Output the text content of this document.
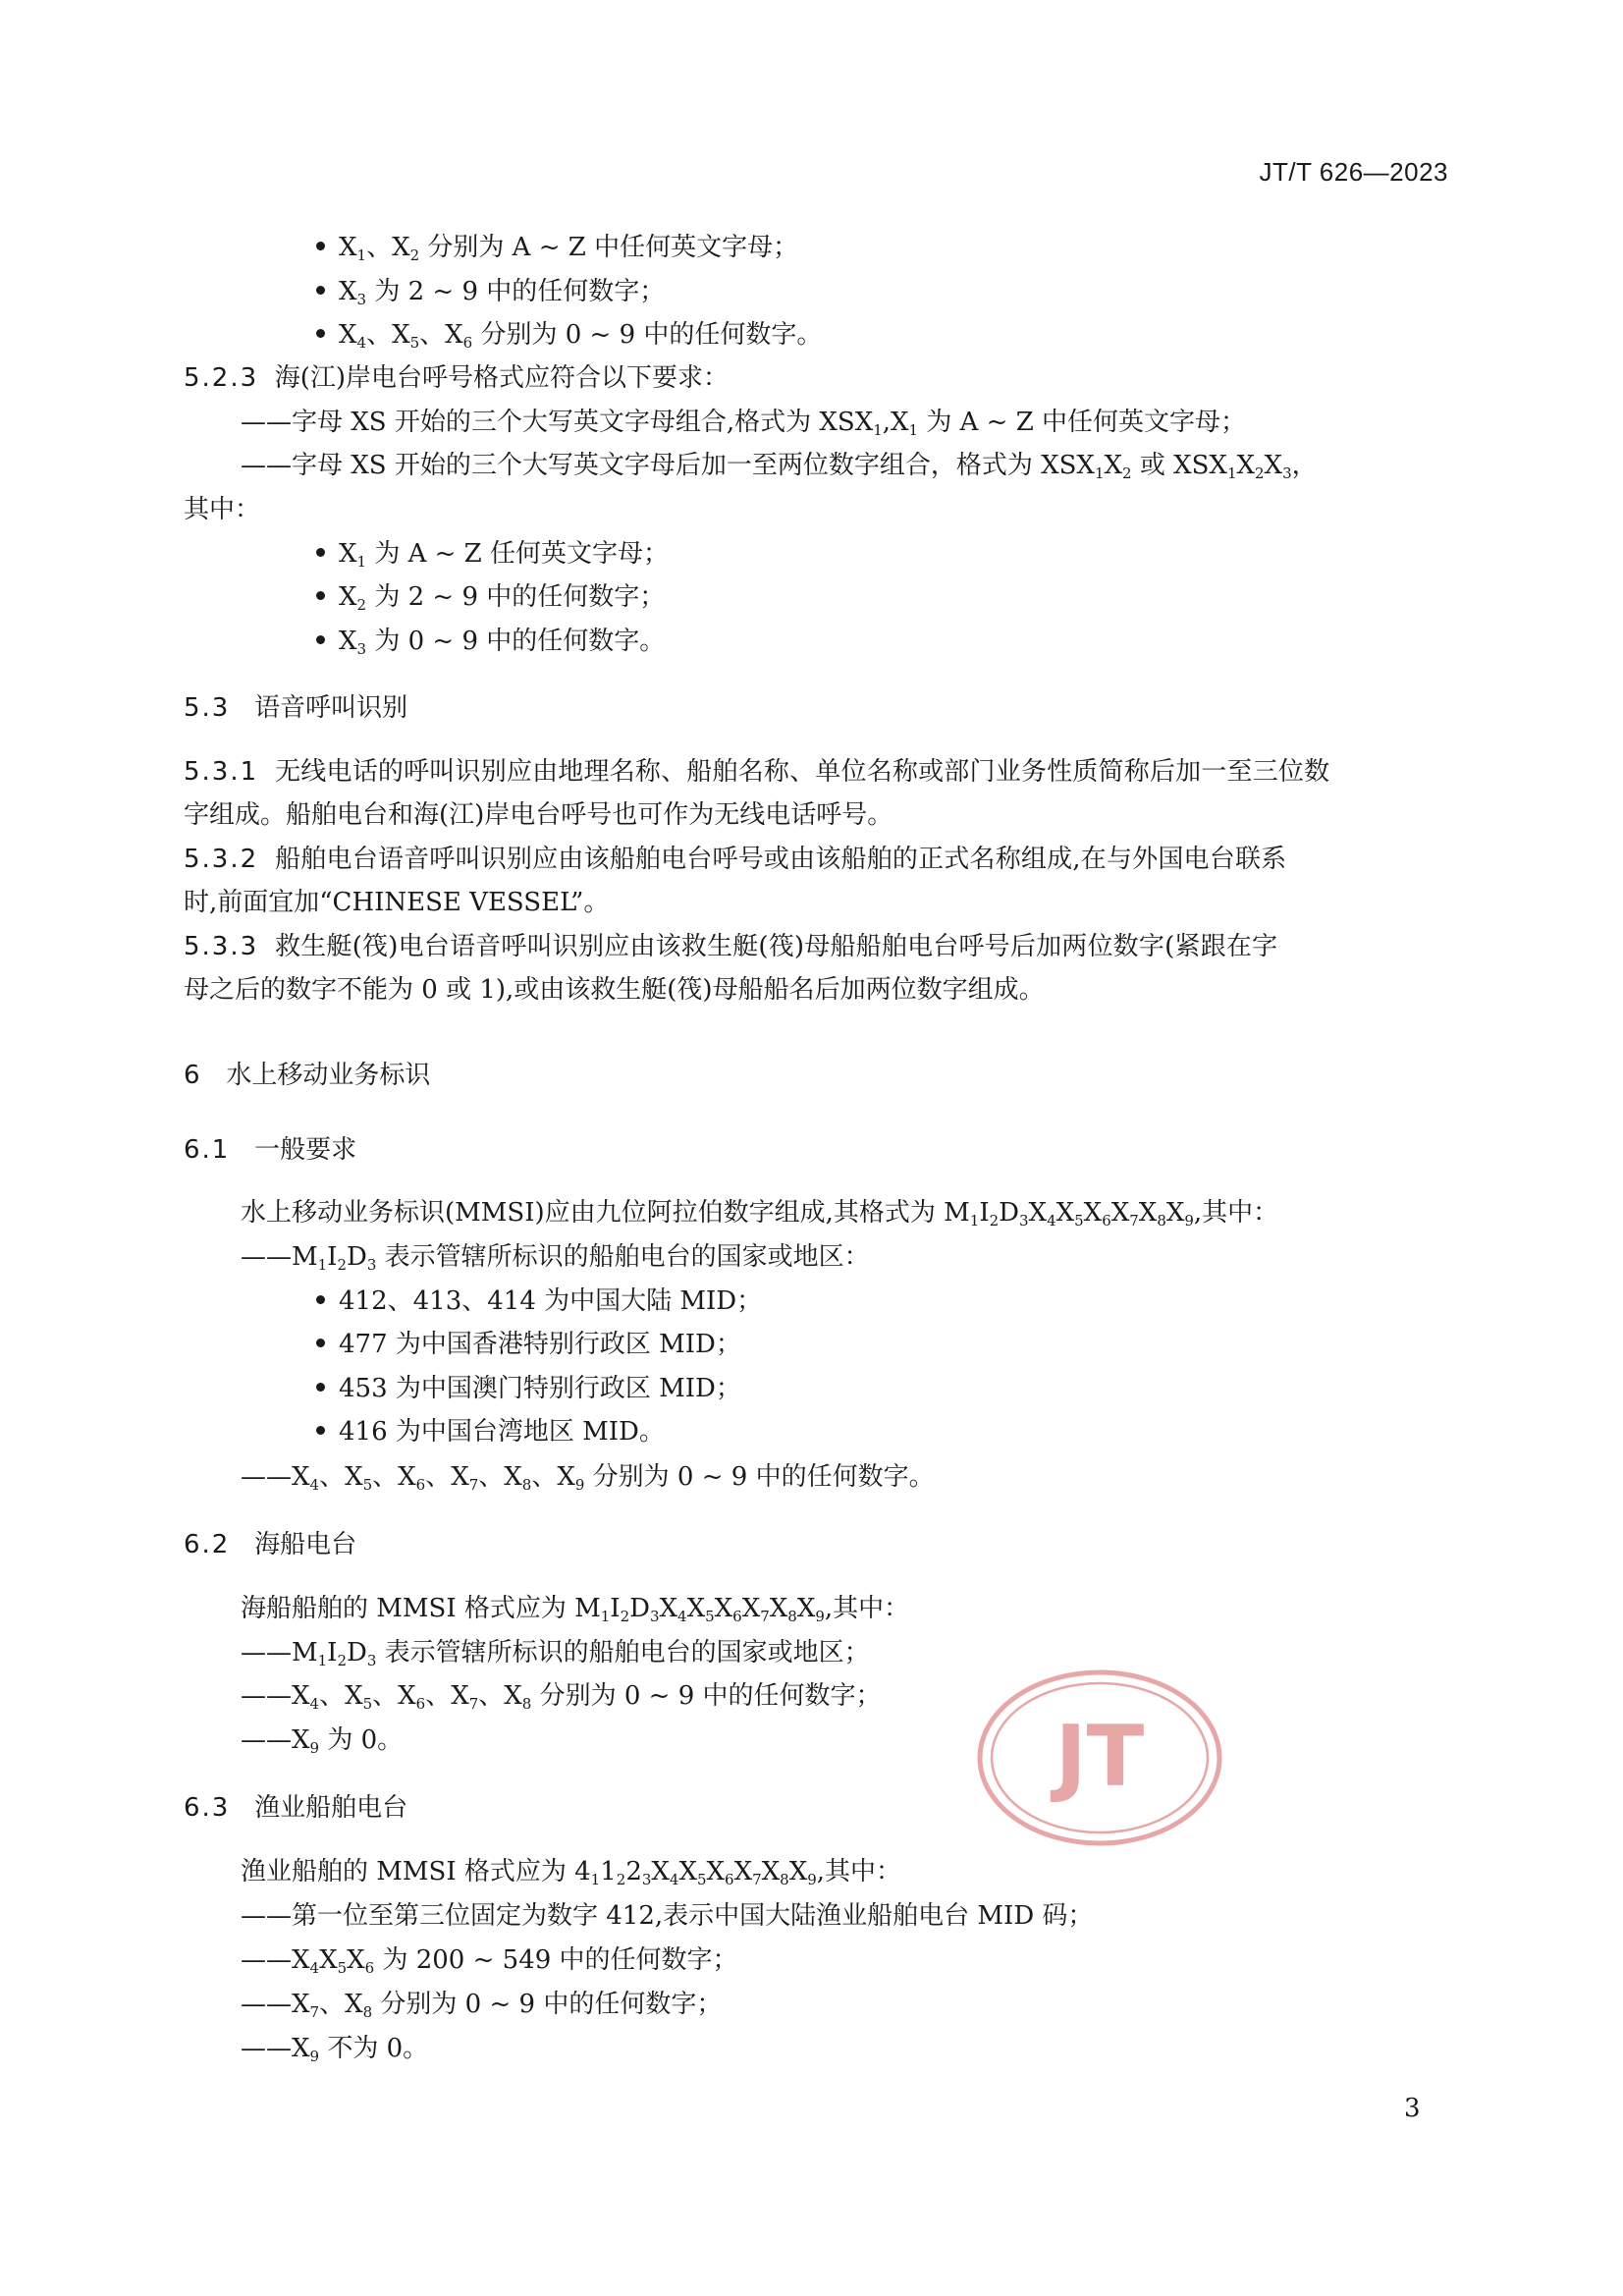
JT/T 626—2023
$X_1$、$X_2$ 分别为 A ~ Z 中任何英文字母；
$X_3$ 为 2 ~ 9 中的任何数字；
$X_4$、$X_5$、$X_6$ 分别为 0 ~ 9 中的任何数字。
5.2.3 海(江)岸电台呼号格式应符合以下要求：
——字母 XS 开始的三个大写英文字母组合,格式为 $XSX_1,X_1$ 为 A ~ Z 中任何英文字母；
——字母 XS 开始的三个大写英文字母后加一至两位数字组合，格式为 $XSX_1X_2$ 或 $XSX_1X_2X_3$，
其中：
$X_1$ 为 A ~ Z 任何英文字母；
$X_2$ 为 2 ~ 9 中的任何数字；
$X_3$ 为 0 ~ 9 中的任何数字。
5.3 语音呼叫识别
5.3.1 无线电话的呼叫识别应由地理名称、船舶名称、单位名称或部门业务性质简称后加一至三位数
字组成。船舶电台和海(江)岸电台呼号也可作为无线电话呼号。
5.3.2 船舶电台语音呼叫识别应由该船舶电台呼号或由该船舶的正式名称组成,在与外国电台联系
时,前面宜加“CHINESE VESSEL”。
5.3.3 救生艇(筏)电台语音呼叫识别应由该救生艇(筏)母船船舶电台呼号后加两位数字(紧跟在字
母之后的数字不能为 0 或 1),或由该救生艇(筏)母船船名后加两位数字组成。
6 水上移动业务标识
6.1 一般要求
水上移动业务标识(MMSI)应由九位阿拉伯数字组成,其格式为 $M_1I_2D_3X_4X_5X_6X_7X_8X_9$,其中：
$——M_1I_2D_3$ 表示管辖所标识的船舶电台的国家或地区：
412、413、414 为中国大陆 MID；
477 为中国香港特别行政区 MID；
453 为中国澳门特别行政区 MID；
416 为中国台湾地区 MID。
$——X_4$、$X_5$、$X_6$、$X_7$、$X_8$、$X_9$ 分别为 0 ~ 9 中的任何数字。
6.2 海船电台
海船船舶的 MMSI 格式应为 $M_1I_2D_3X_4X_5X_6X_7X_8X_9$,其中：
$——M_1I_2D_3$ 表示管辖所标识的船舶电台的国家或地区；
$——X_4$、$X_5$、$X_6$、$X_7$、$X_8$ 分别为 0 ~ 9 中的任何数字；
$——X_9$ 为 0。
6.3 渔业船舶电台
渔业船舶的 MMSI 格式应为 $4_11_22_3X_4X_5X_6X_7X_8X_9$,其中：
——第一位至第三位固定为数字 412,表示中国大陆渔业船舶电台 MID 码；
$——X_4X_5X_6$ 为 200 ~ 549 中的任何数字；
$——X_7$、$X_8$ 分别为 0 ~ 9 中的任何数字；
$——X_9$ 不为 0。
JT
3
